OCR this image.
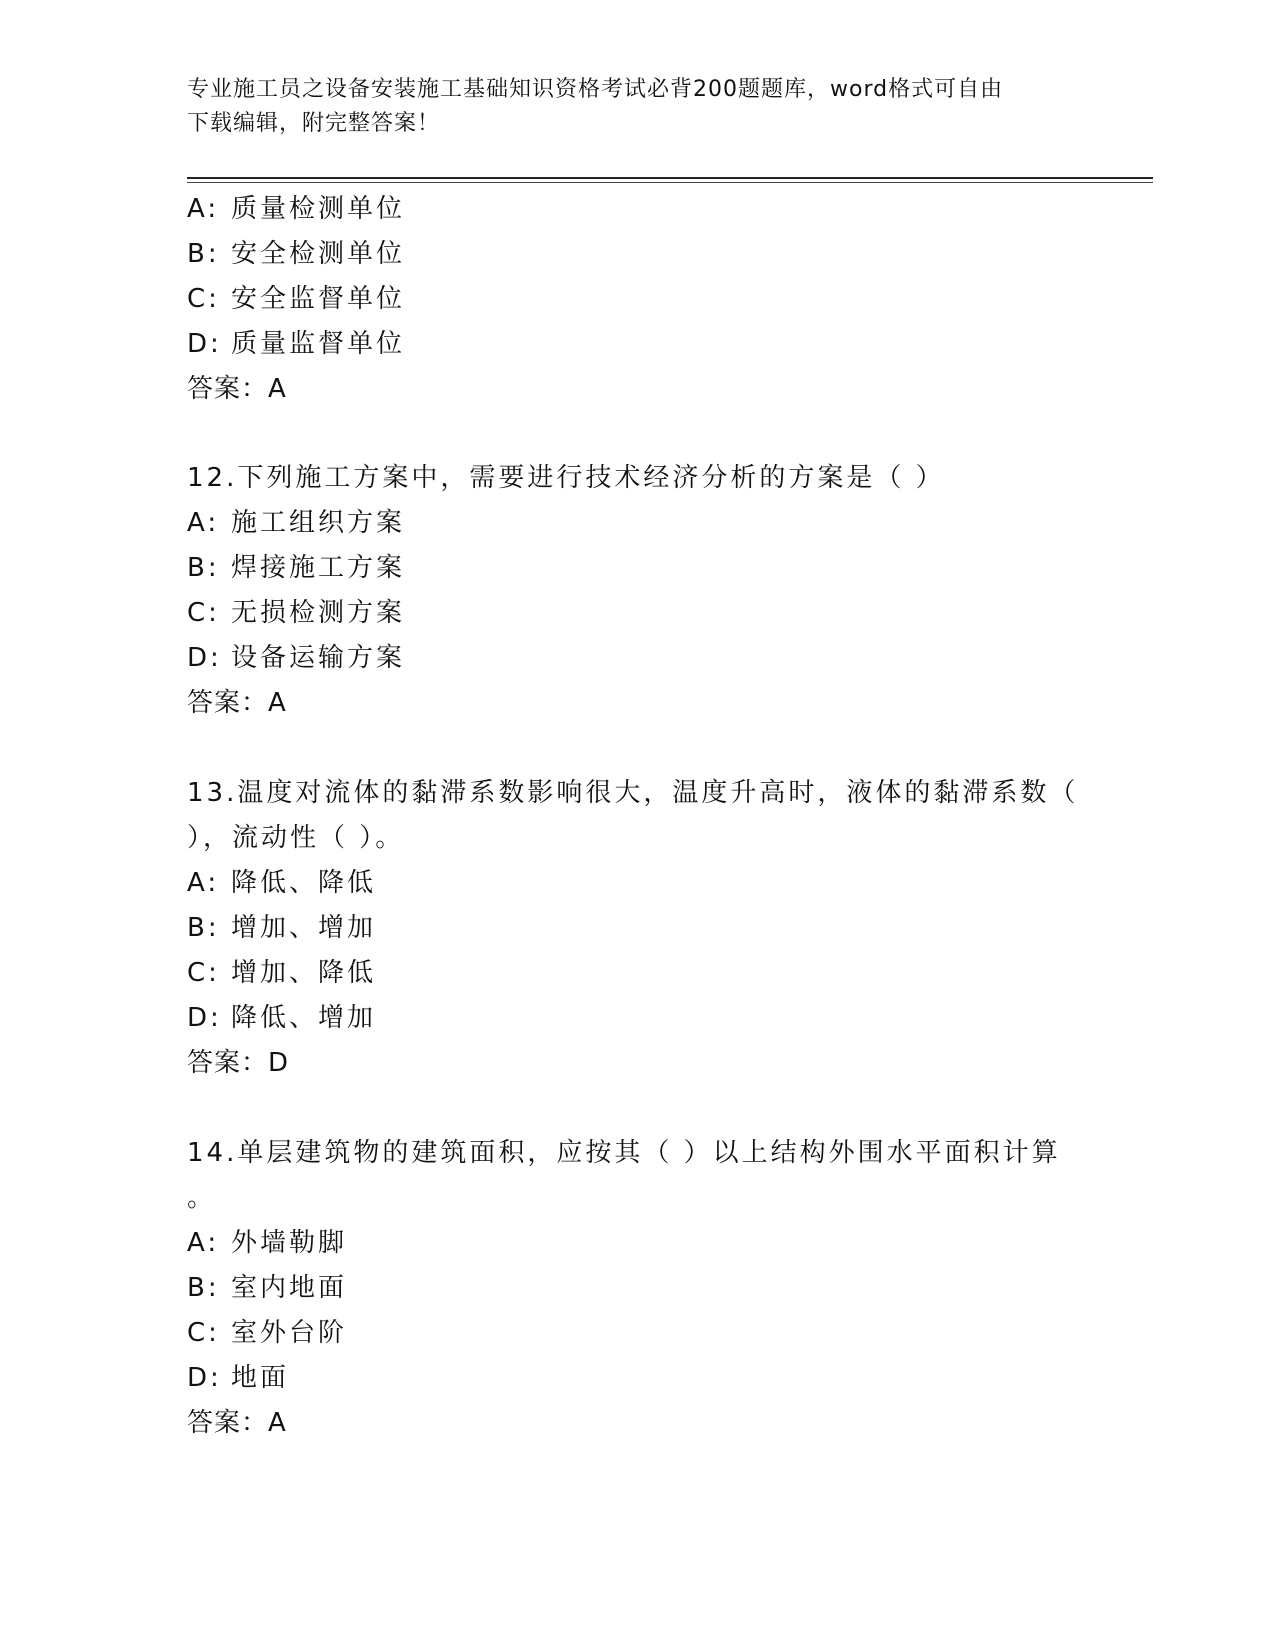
专业施工员之设备安装施工基础知识资格考试必背200题题库，word格式可自由
下载编辑，附完整答案！
A: 质量检测单位
B: 安全检测单位
C: 安全监督单位
D: 质量监督单位
答案：A
12.下列施工方案中，需要进行技术经济分析的方案是（ ）
A: 施工组织方案
B: 焊接施工方案
C: 无损检测方案
D: 设备运输方案
答案：A
13.温度对流体的黏滞系数影响很大，温度升高时，液体的黏滞系数（
），流动性（ ）。
A: 降低、降低
B: 增加、增加
C: 增加、降低
D: 降低、增加
答案：D
14.单层建筑物的建筑面积，应按其（ ）以上结构外围水平面积计算
。
A: 外墙勒脚
B: 室内地面
C: 室外台阶
D: 地面
答案：A
